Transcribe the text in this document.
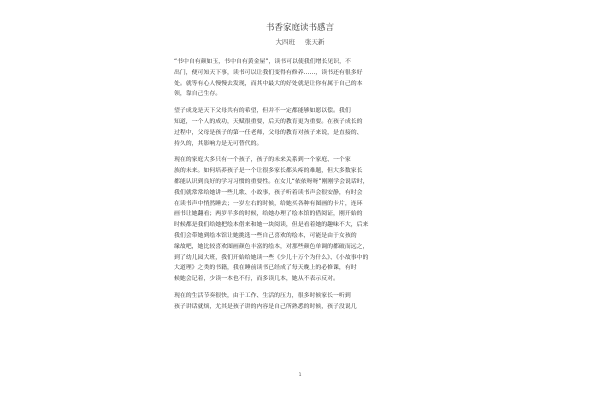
书香家庭读书感言
大四班 张天新
“书中自有颜如玉，书中自有黄金屋”，读书可以使我们增长见识，不
出门，便可知天下事，读书可以让我们变得有修养……，读书还有很多好
处。就等有心人慢慢去发现，而其中最大的好处就是让你有属于自己的本
领，靠自己生存。
望子成龙是天下父母共有的希望，但并不一定都能够如愿以偿。我们
知道，一个人的成功，天赋很重要，后天的教育更为重要。在孩子成长的
过程中，父母是孩子的第一任老师，父母的教育对孩子来说，是直接的、
持久的，其影响力是无可替代的。
现在的家庭大多只有一个孩子，孩子的未来关系到一个家庭、一个家
族的未来。如何培养孩子是一个让很多家长都头疼的难题，但大多数家长
都能认识到良好的学习习惯的重要性。在女儿“依依呀呀”刚刚学会说话时，
我们就常常给她讲一些儿歌、小故事，孩子听着读书声会很安静，有时会
在读书声中悄然睡去；一岁左右的时候，给她买各种有图画的卡片，连环
画书让她翻看；两岁半多的时候，给她办理了绘本馆的借阅证，刚开始的
时候都是我们给她把绘本借来和她一块阅读，但是看着她的趣味不大，后来
我们会带她到绘本馆让她挑选一些自己喜欢的绘本，可能是由于女孩的
缘故吧，她比较喜欢图画颜色丰富的绘本，对那些颜色单调的都破而远之，
到了幼儿园大班，我们开始给她读一些《少儿十万个为什么》、《小故事中的
大道理》之类的书籍，我在睡前读书已经成了每天晚上的必修课，有时
候她会记着，少读一本也不行，而多读几本，她从不表示反对。
现在的生活节奏很快，由于工作、生活的压力，很多时候家长一听到
孩子讲话就烦，尤其是孩子讲的内容是自己所熟悉的时候，孩子没说几
1
